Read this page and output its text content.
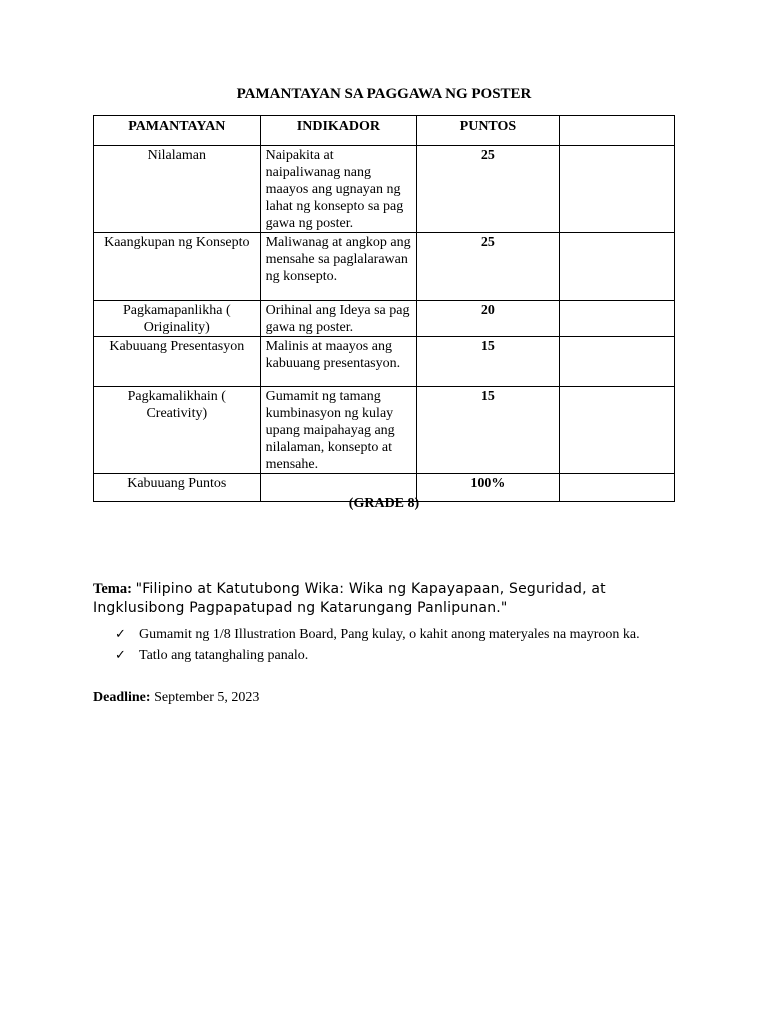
PAMANTAYAN SA PAGGAWA NG POSTER
PAMANTAYAN	INDIKADOR	PUNTOS	
Nilalaman	Naipakita at naipaliwanag nang maayos ang ugnayan ng lahat ng konsepto sa pag gawa ng poster.	25	
Kaangkupan ng Konsepto	Maliwanag at angkop ang mensahe sa paglalarawan ng konsepto.	25	
Pagkamapanlikha ( Originality)	Orihinal ang Ideya sa pag gawa ng poster.	20	
Kabuuang Presentasyon	Malinis at maayos ang kabuuang presentasyon.	15	
Pagkamalikhain ( Creativity)	Gumamit ng tamang kumbinasyon ng kulay upang maipahayag ang nilalaman, konsepto at mensahe.	15	
Kabuuang Puntos		100%	
(GRADE 8)
Tema: "Filipino at Katutubong Wika: Wika ng Kapayapaan, Seguridad, at Ingklusibong Pagpapatupad ng Katarungang Panlipunan."
✓ Gumamit ng 1/8 Illustration Board, Pang kulay, o kahit anong materyales na mayroon ka.
✓ Tatlo ang tatanghaling panalo.
Deadline: September 5, 2023
